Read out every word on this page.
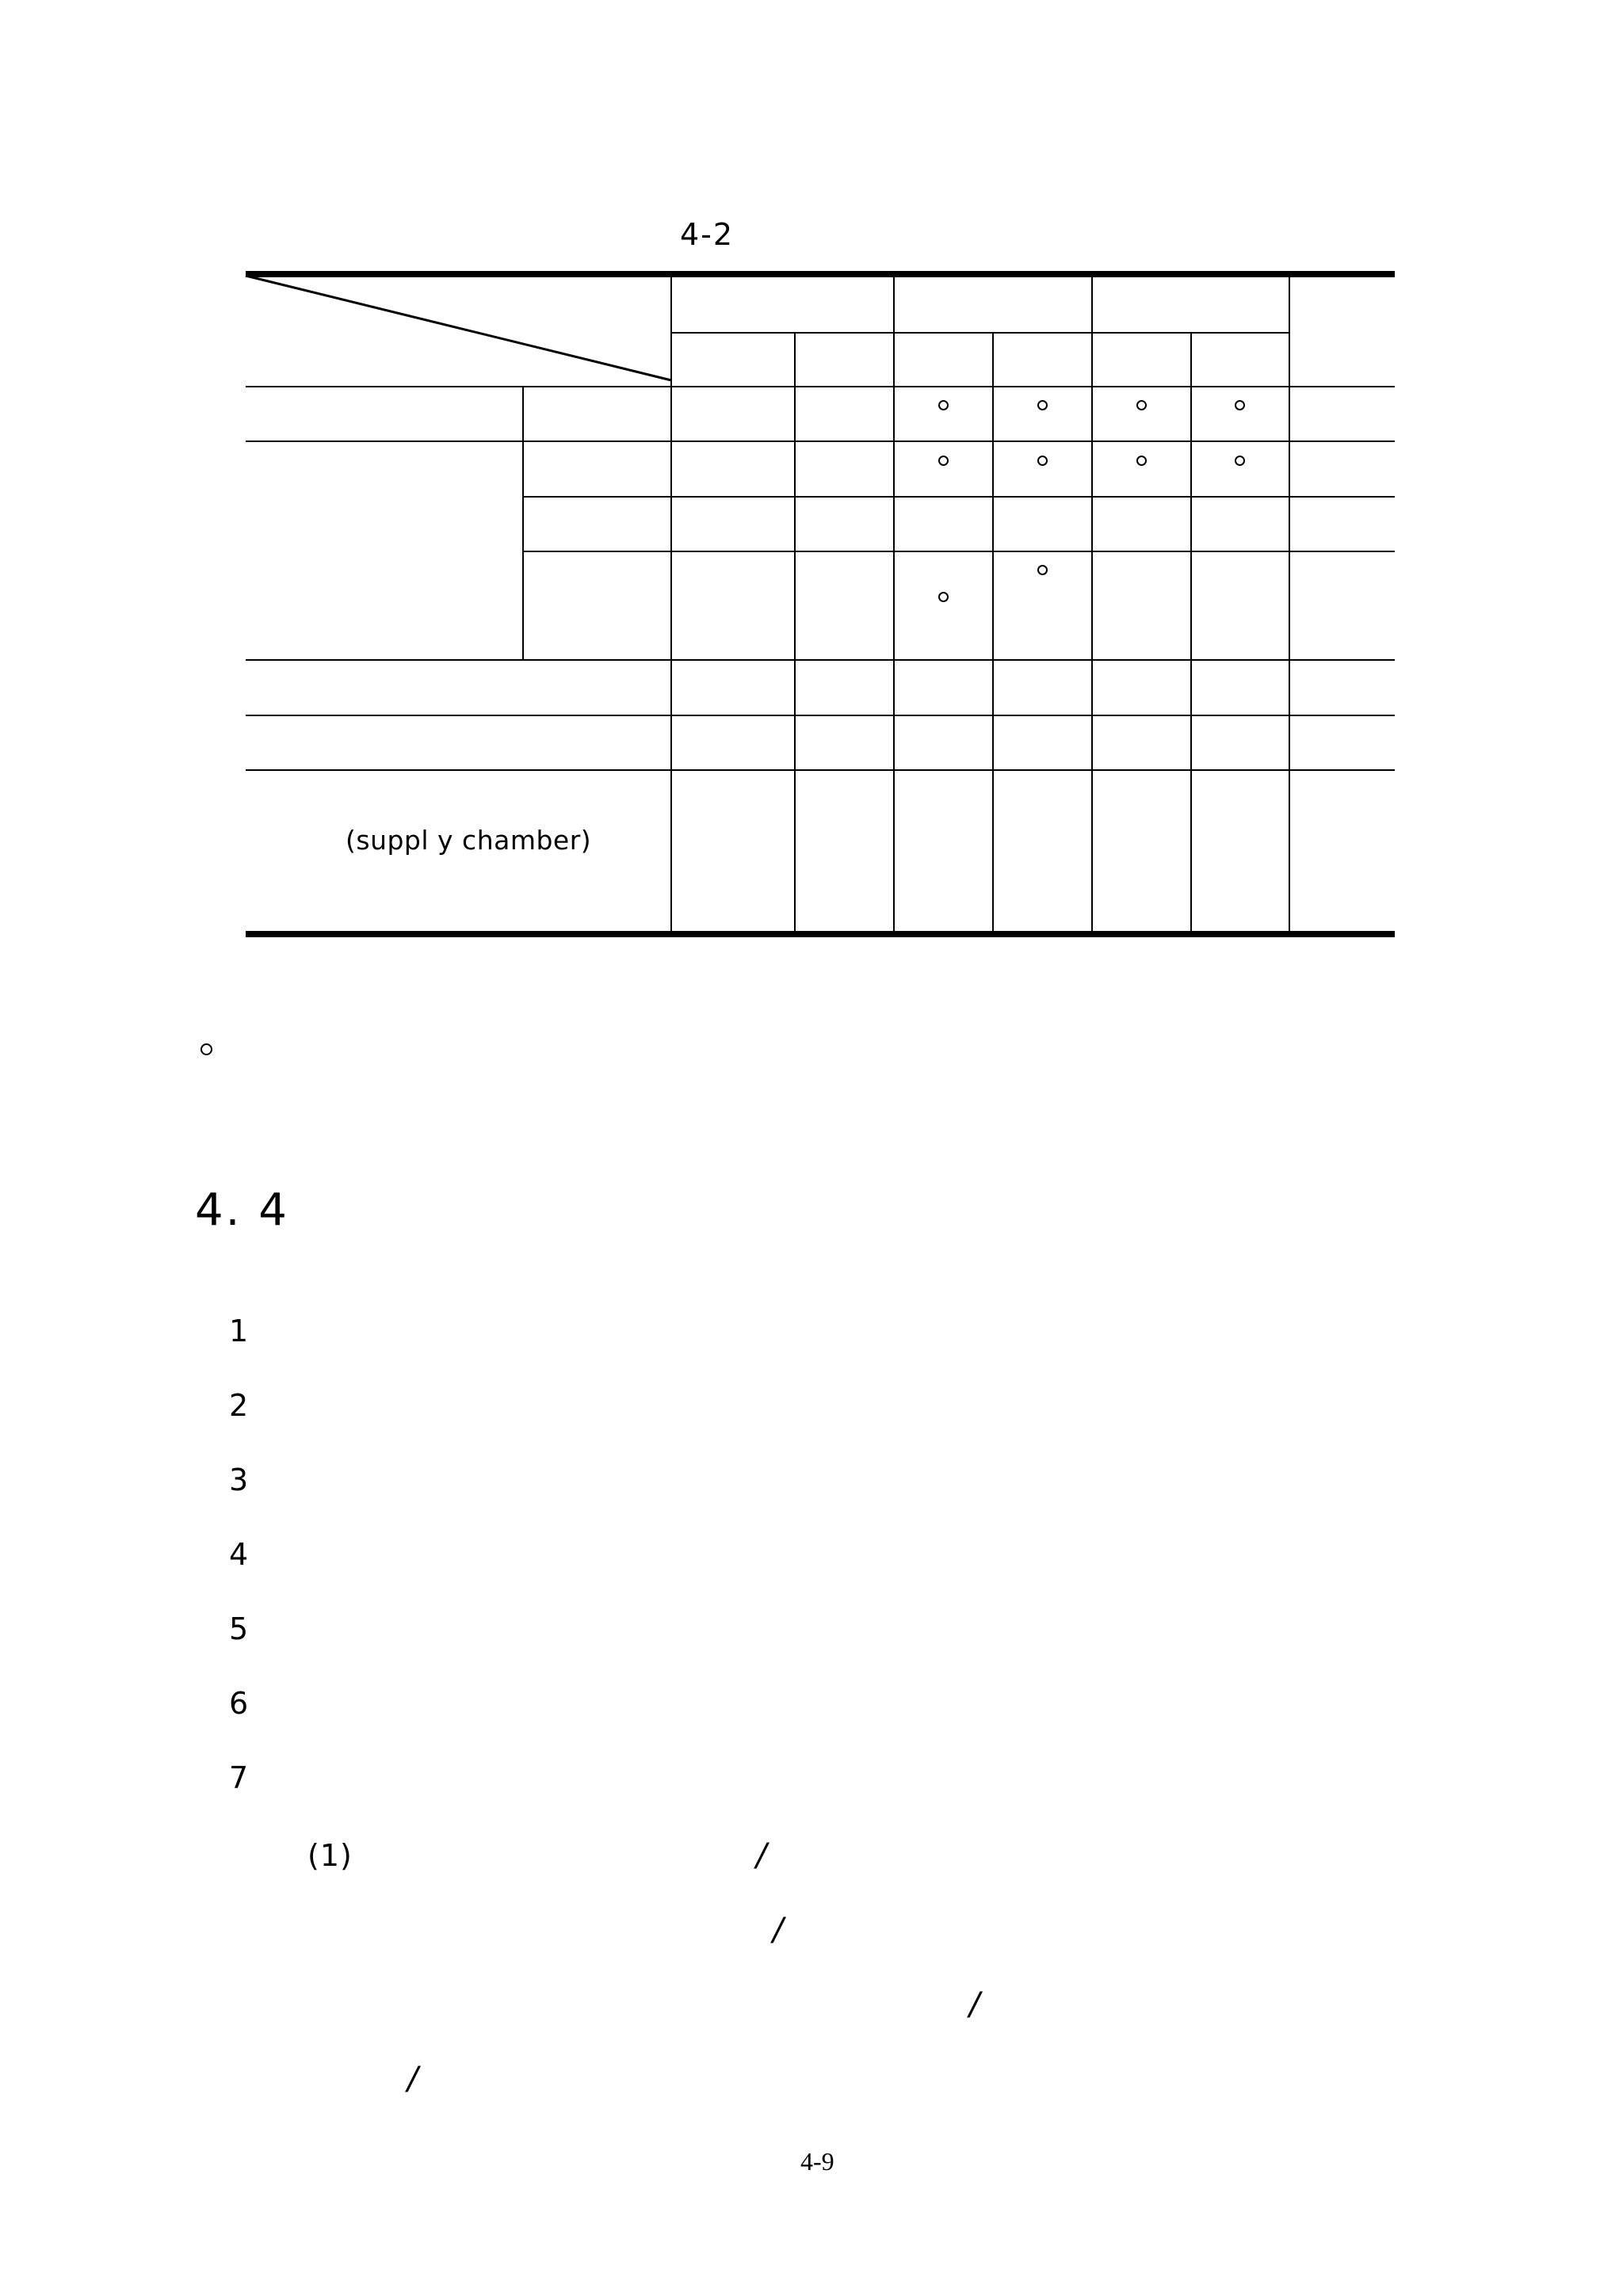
4-2
(suppl y chamber)
4. 4
1
2
3
4
5
6
7
(1)	/
/
/
/
4-9
